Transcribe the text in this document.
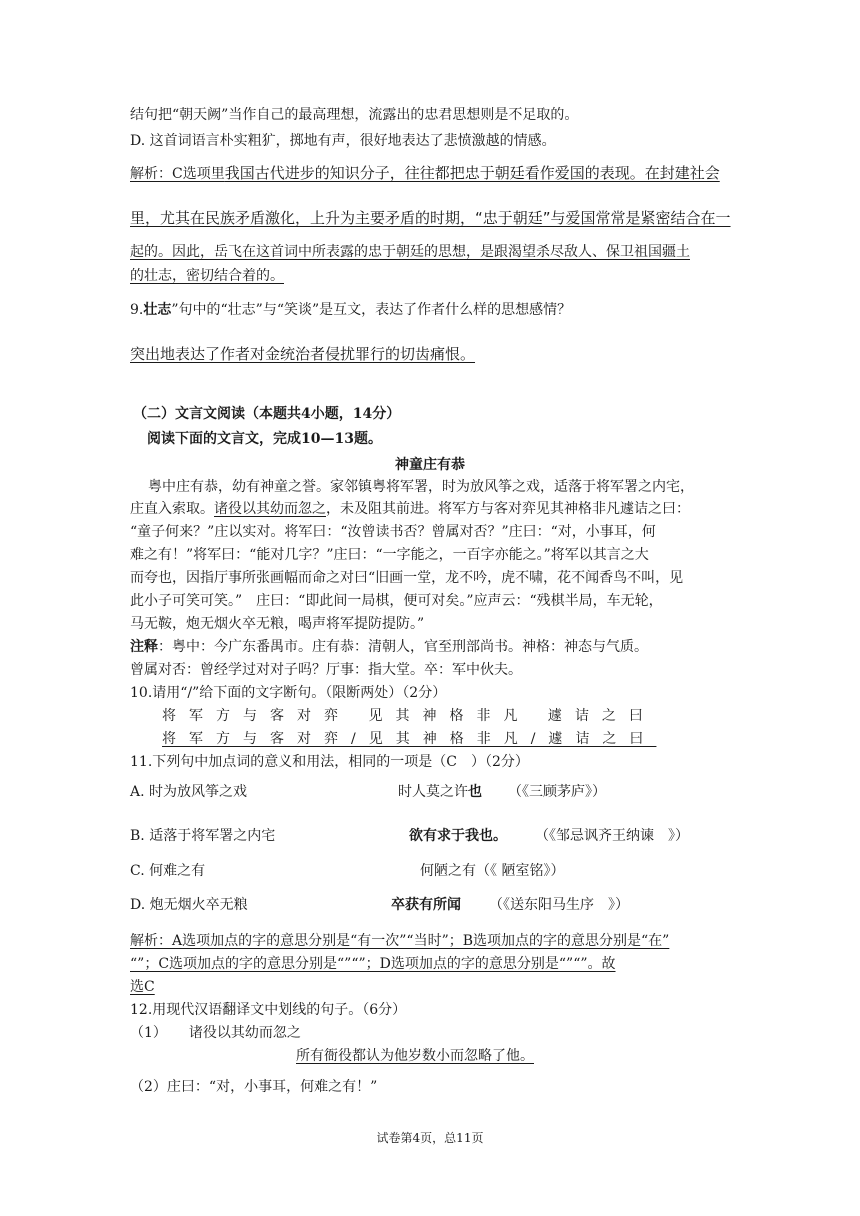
结句把“朝天阙”当作自己的最高理想，流露出的忠君思想则是不足取的。
D. 这首词语言朴实粗犷，掷地有声，很好地表达了悲愤激越的情感。
解析：C选项里我国古代进步的知识分子，往往都把忠于朝廷看作爱国的表现。在封建社会
里，尤其在民族矛盾激化，上升为主要矛盾的时期，“忠于朝廷”与爱国常常是紧密结合在一
起的。因此，岳飞在这首词中所表露的忠于朝廷的思想，是跟渴望杀尽敌人、保卫祖国疆土
的壮志，密切结合着的。
9.壮志”句中的“壮志”与“笑谈”是互文，表达了作者什么样的思想感情？
突出地表达了作者对金统治者侵扰罪行的切齿痛恨。
（二）文言文阅读（本题共4小题，14分）
阅读下面的文言文，完成10—13题。
神童庄有恭
粤中庄有恭，幼有神童之誉。家邻镇粤将军署，时为放风筝之戏，适落于将军署之内宅，
庄直入索取。诸役以其幼而忽之，未及阻其前进。将军方与客对弈见其神格非凡遽诘之曰：
“童子何来？”庄以实对。将军曰：“汝曾读书否？曾属对否？”庄曰：“对，小事耳，何
难之有！”将军曰：“能对几字？”庄曰：“一字能之，一百字亦能之。”将军以其言之大
而夸也，因指厅事所张画幅而命之对曰“旧画一堂，龙不吟，虎不啸，花不闻香鸟不叫，见
此小子可笑可笑。”　庄曰：“即此间一局棋，便可对矣。”应声云：“残棋半局，车无轮，
马无鞍，炮无烟火卒无粮，喝声将军提防提防。”
注释：粤中：今广东番禺市。庄有恭：清朝人，官至刑部尚书。神格：神态与气质。
曾属对否：曾经学过对对子吗？厅事：指大堂。卒：军中伙夫。
10.请用“/”给下面的文字断句。（限断两处）（2分）
将军方与客对弈 见其神格非凡 遽诘之曰
将军方与客对弈/见其神格非凡/遽诘之曰
11.下列句中加点词的意义和用法，相同的一项是（C　）（2分）
A. 时为放风筝之戏	时人莫之许也 （《三顾茅庐》）
B. 适落于将军署之内宅	欲有求于我也。 （《邹忌讽齐王纳谏　》）
C. 何难之有	何陋之有（《 陋室铭》）
D. 炮无烟火卒无粮	卒获有所闻 （《送东阳马生序　》）
解析：A选项加点的字的意思分别是“有一次”“当时”；B选项加点的字的意思分别是“在”
“”；C选项加点的字的意思分别是“”“”；D选项加点的字的意思分别是“”“”。故
选C
12.用现代汉语翻译文中划线的句子。（6分）
（1） 诸役以其幼而忽之
所有衙役都认为他岁数小而忽略了他。
（2）庄曰：“对，小事耳，何难之有！”
试卷第4页，总11页
